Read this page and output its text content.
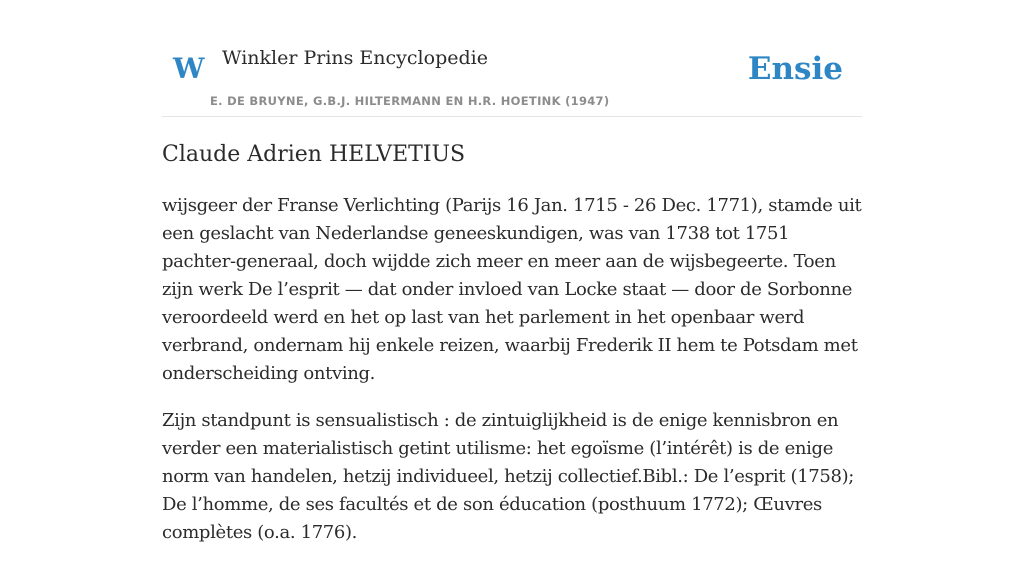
W Winkler Prins Encyclopedie
E. DE BRUYNE, G.B.J. HILTERMANN EN H.R. HOETINK (1947)
Ensie
Claude Adrien HELVETIUS

wijsgeer der Franse Verlichting (Parijs 16 Jan. 1715 - 26 Dec. 1771), stamde uit een geslacht van Nederlandse geneeskundigen, was van 1738 tot 1751 pachter-generaal, doch wijdde zich meer en meer aan de wijsbegeerte. Toen zijn werk De l’esprit — dat onder invloed van Locke staat — door de Sorbonne veroordeeld werd en het op last van het parlement in het openbaar werd verbrand, ondernam hij enkele reizen, waarbij Frederik II hem te Potsdam met onderscheiding ontving.

Zijn standpunt is sensualistisch : de zintuiglijkheid is de enige kennisbron en verder een materialistisch getint utilisme: het egoïsme (l’intérêt) is de enige norm van handelen, hetzij individueel, hetzij collectief.Bibl.: De l’esprit (1758); De l’homme, de ses facultés et de son éducation (posthuum 1772); Œuvres complètes (o.a. 1776).
